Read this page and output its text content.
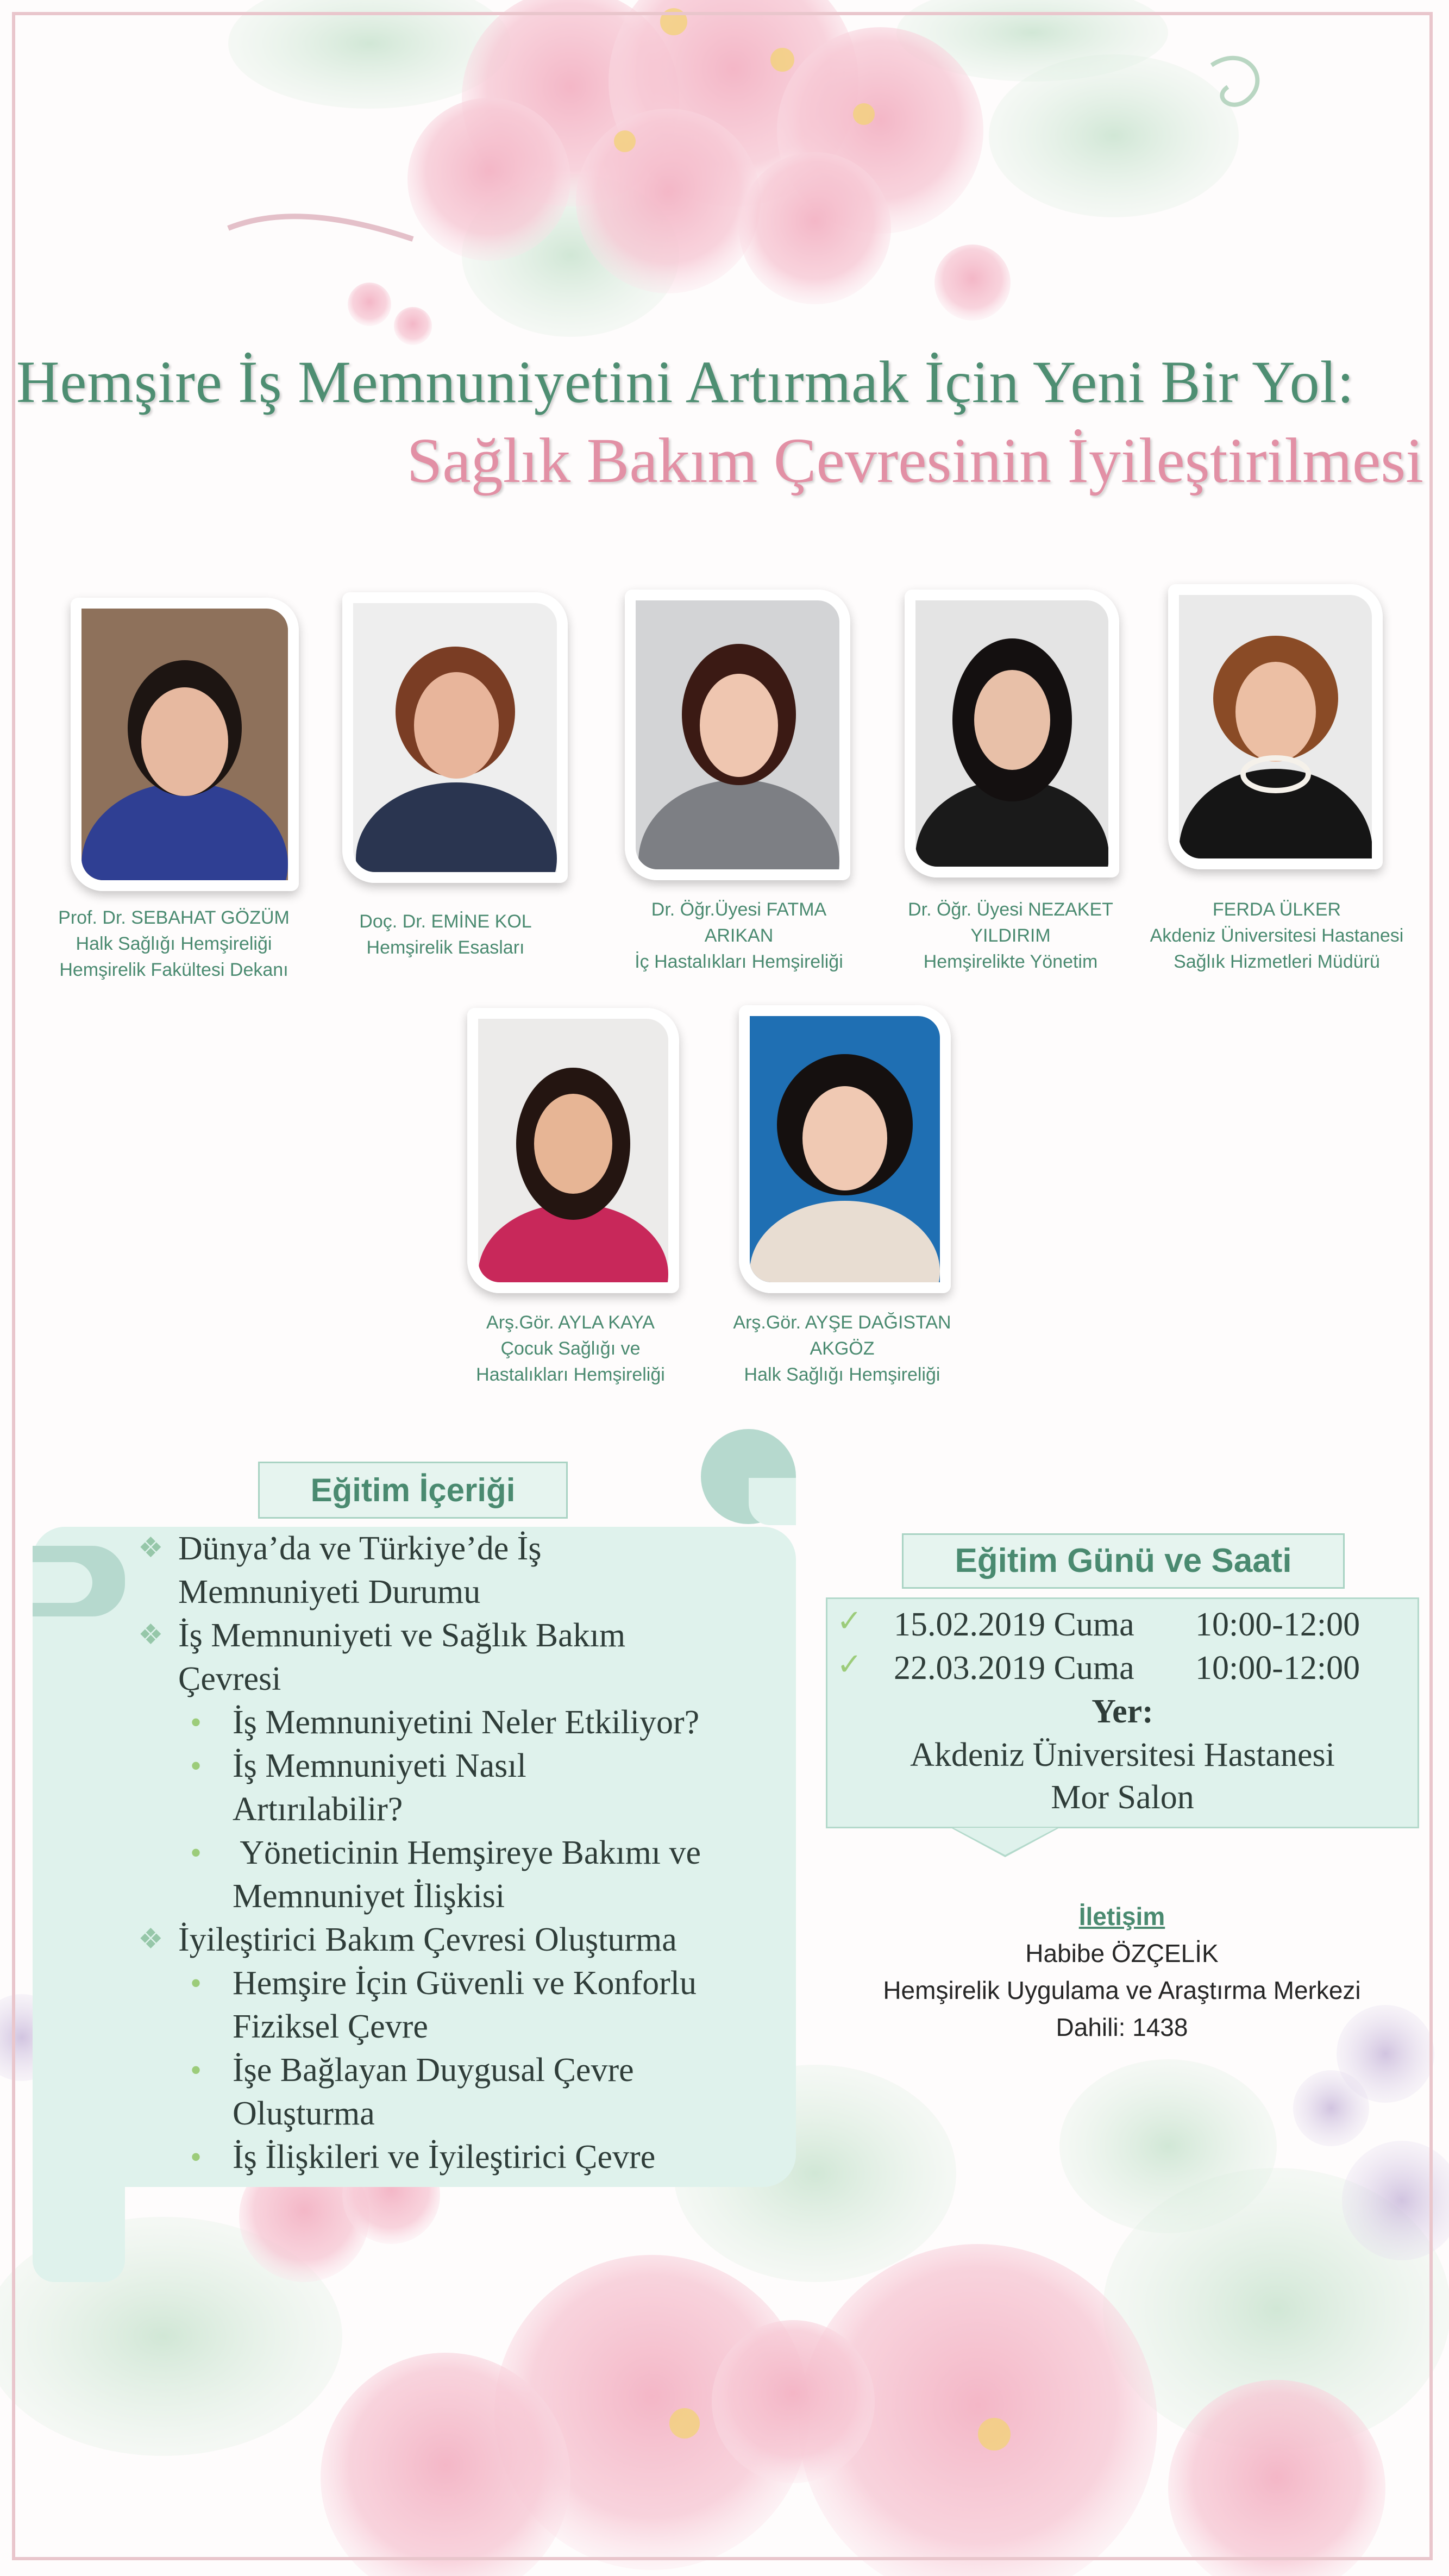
Hemşire İş Memnuniyetini Artırmak İçin Yeni Bir Yol:
Sağlık Bakım Çevresinin İyileştirilmesi
Prof. Dr. SEBAHAT GÖZÜM
Halk Sağlığı Hemşireliği
Hemşirelik Fakültesi Dekanı
Doç. Dr. EMİNE KOL
Hemşirelik Esasları
Dr. Öğr.Üyesi FATMA
ARIKAN
İç Hastalıkları Hemşireliği
Dr. Öğr. Üyesi NEZAKET
YILDIRIM
Hemşirelikte Yönetim
FERDA ÜLKER
Akdeniz Üniversitesi Hastanesi
Sağlık Hizmetleri Müdürü
Arş.Gör. AYLA KAYA
Çocuk Sağlığı ve
Hastalıkları Hemşireliği
Arş.Gör. AYŞE DAĞISTAN
AKGÖZ
Halk Sağlığı Hemşireliği
Eğitim İçeriği
❖ Dünya’da ve Türkiye’de İş
Memnuniyeti Durumu
❖ İş Memnuniyeti ve Sağlık Bakım
Çevresi
• İş Memnuniyetini Neler Etkiliyor?
• İş Memnuniyeti Nasıl
Artırılabilir?
• Yöneticinin Hemşireye Bakımı ve
Memnuniyet İlişkisi
❖ İyileştirici Bakım Çevresi Oluşturma
• Hemşire İçin Güvenli ve Konforlu
Fiziksel Çevre
• İşe Bağlayan Duygusal Çevre
Oluşturma
• İş İlişkileri ve İyileştirici Çevre
Eğitim Günü ve Saati
✓ 15.02.2019 Cuma 10:00-12:00
✓ 22.03.2019 Cuma 10:00-12:00
Yer:
Akdeniz Üniversitesi Hastanesi
Mor Salon
İletişim
Habibe ÖZÇELİK
Hemşirelik Uygulama ve Araştırma Merkezi
Dahili: 1438
